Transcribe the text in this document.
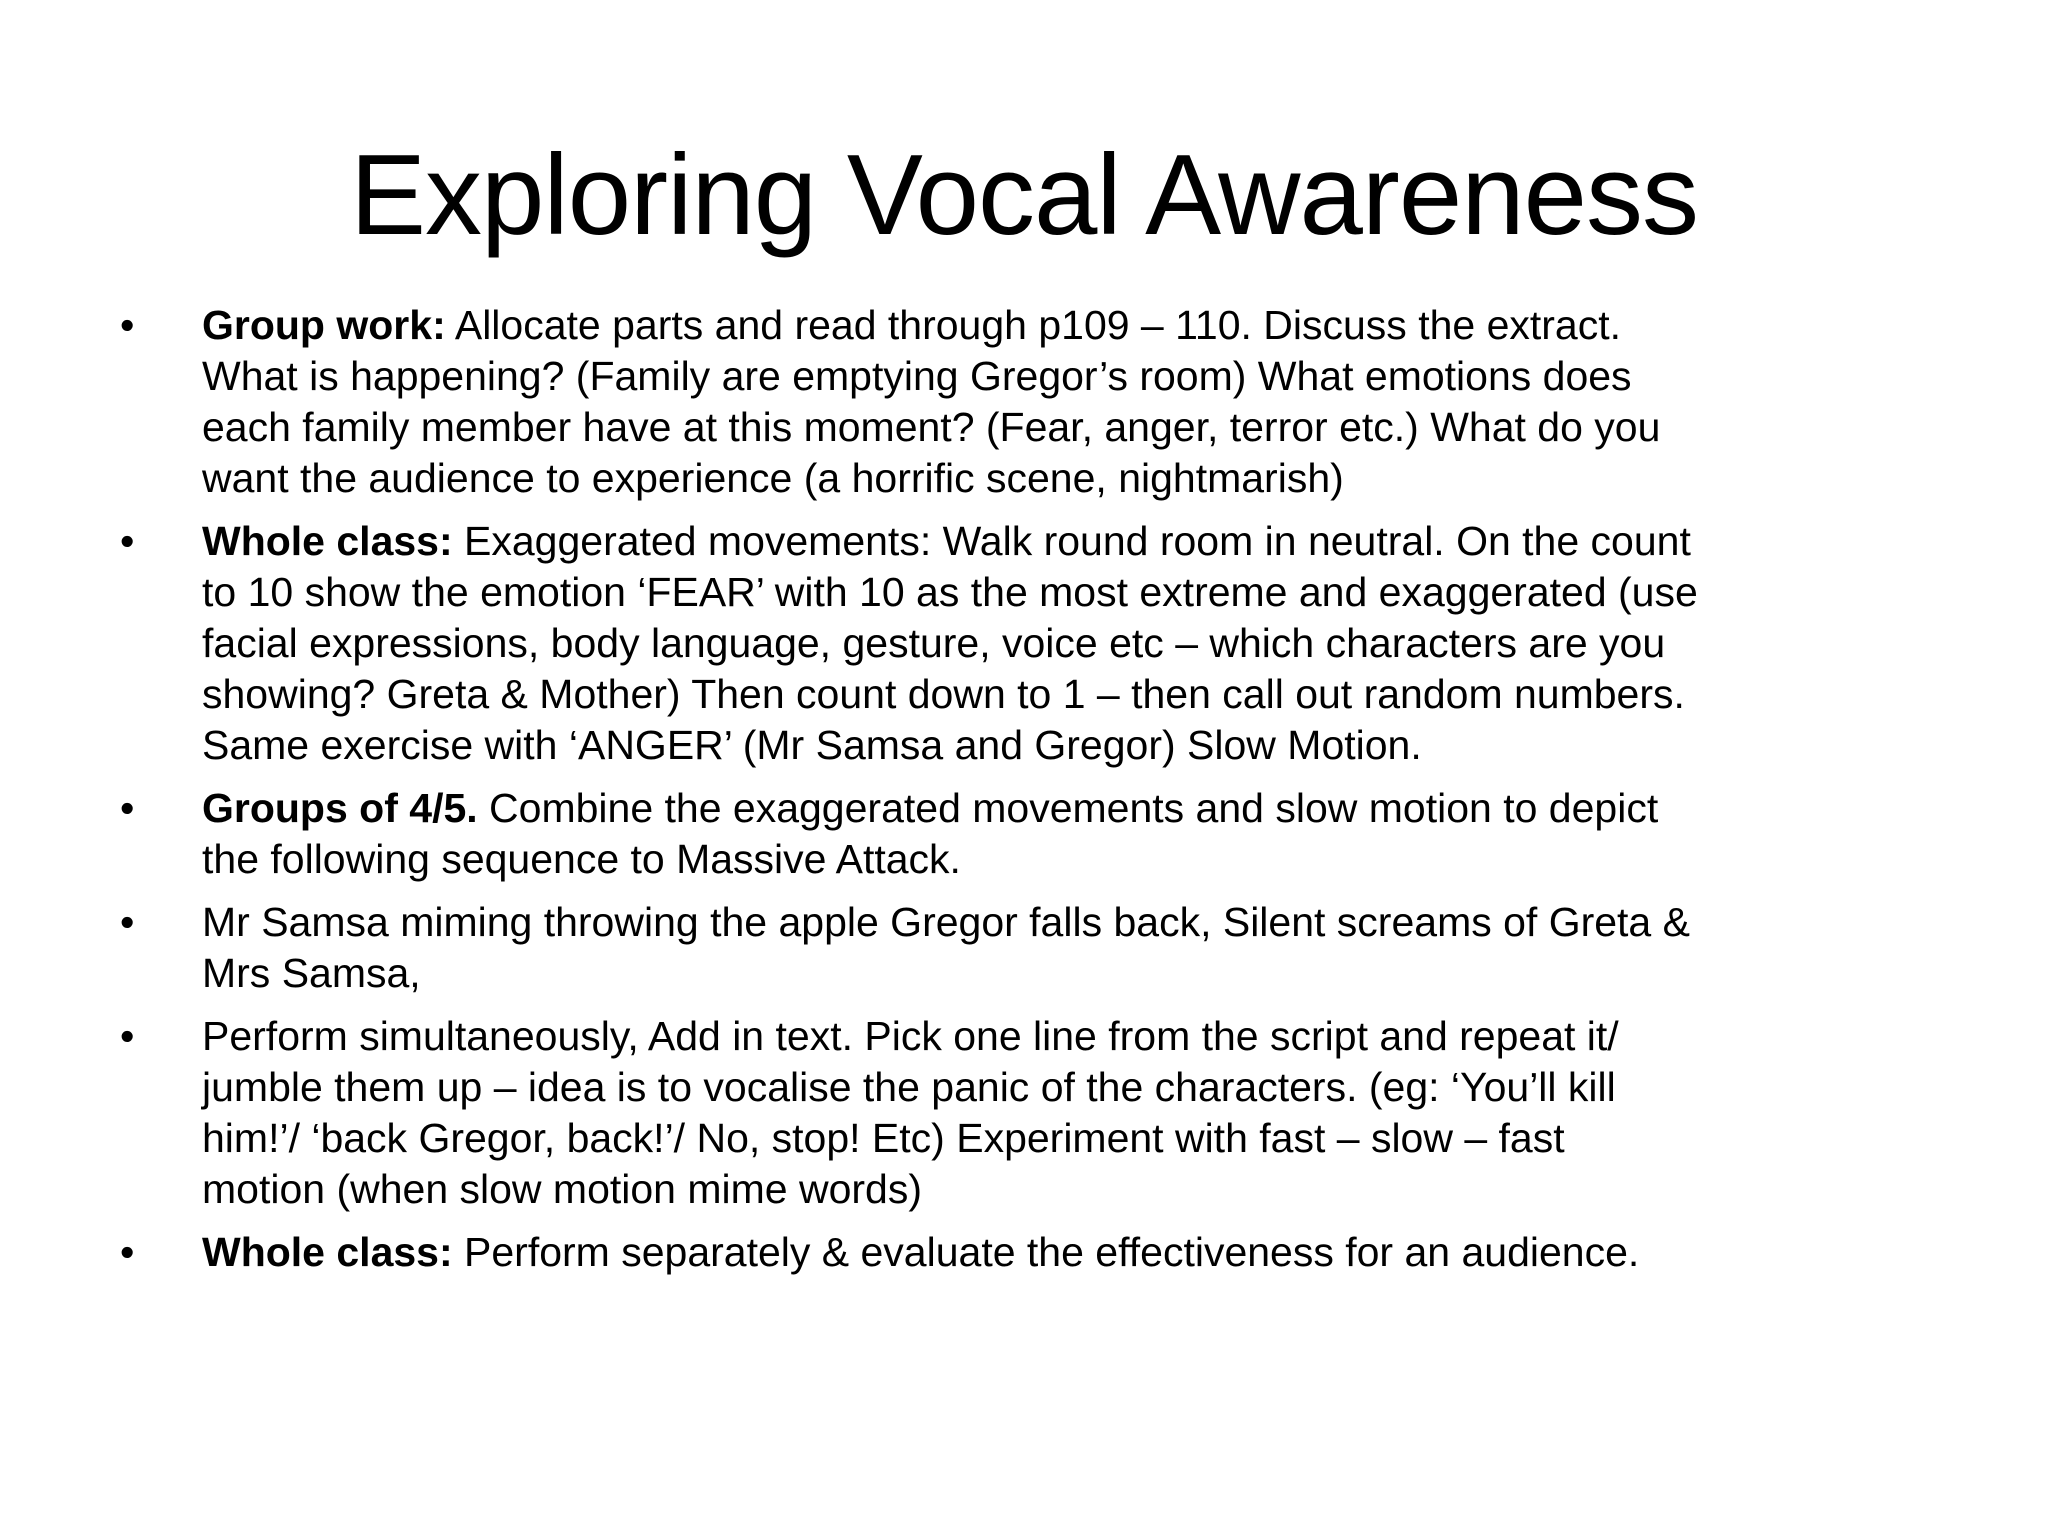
Exploring Vocal Awareness
• Group work: Allocate parts and read through p109 – 110. Discuss the extract.
What is happening? (Family are emptying Gregor’s room) What emotions does
each family member have at this moment? (Fear, anger, terror etc.) What do you
want the audience to experience (a horrific scene, nightmarish)
• Whole class: Exaggerated movements: Walk round room in neutral. On the count
to 10 show the emotion ‘FEAR’ with 10 as the most extreme and exaggerated (use
facial expressions, body language, gesture, voice etc – which characters are you
showing? Greta & Mother) Then count down to 1 – then call out random numbers.
Same exercise with ‘ANGER’ (Mr Samsa and Gregor) Slow Motion.
• Groups of 4/5. Combine the exaggerated movements and slow motion to depict
the following sequence to Massive Attack.
• Mr Samsa miming throwing the apple Gregor falls back, Silent screams of Greta &
Mrs Samsa,
• Perform simultaneously, Add in text. Pick one line from the script and repeat it/
jumble them up – idea is to vocalise the panic of the characters. (eg: ‘You’ll kill
him!’/ ‘back Gregor, back!’/ No, stop! Etc) Experiment with fast – slow – fast
motion (when slow motion mime words)
• Whole class: Perform separately & evaluate the effectiveness for an audience.
